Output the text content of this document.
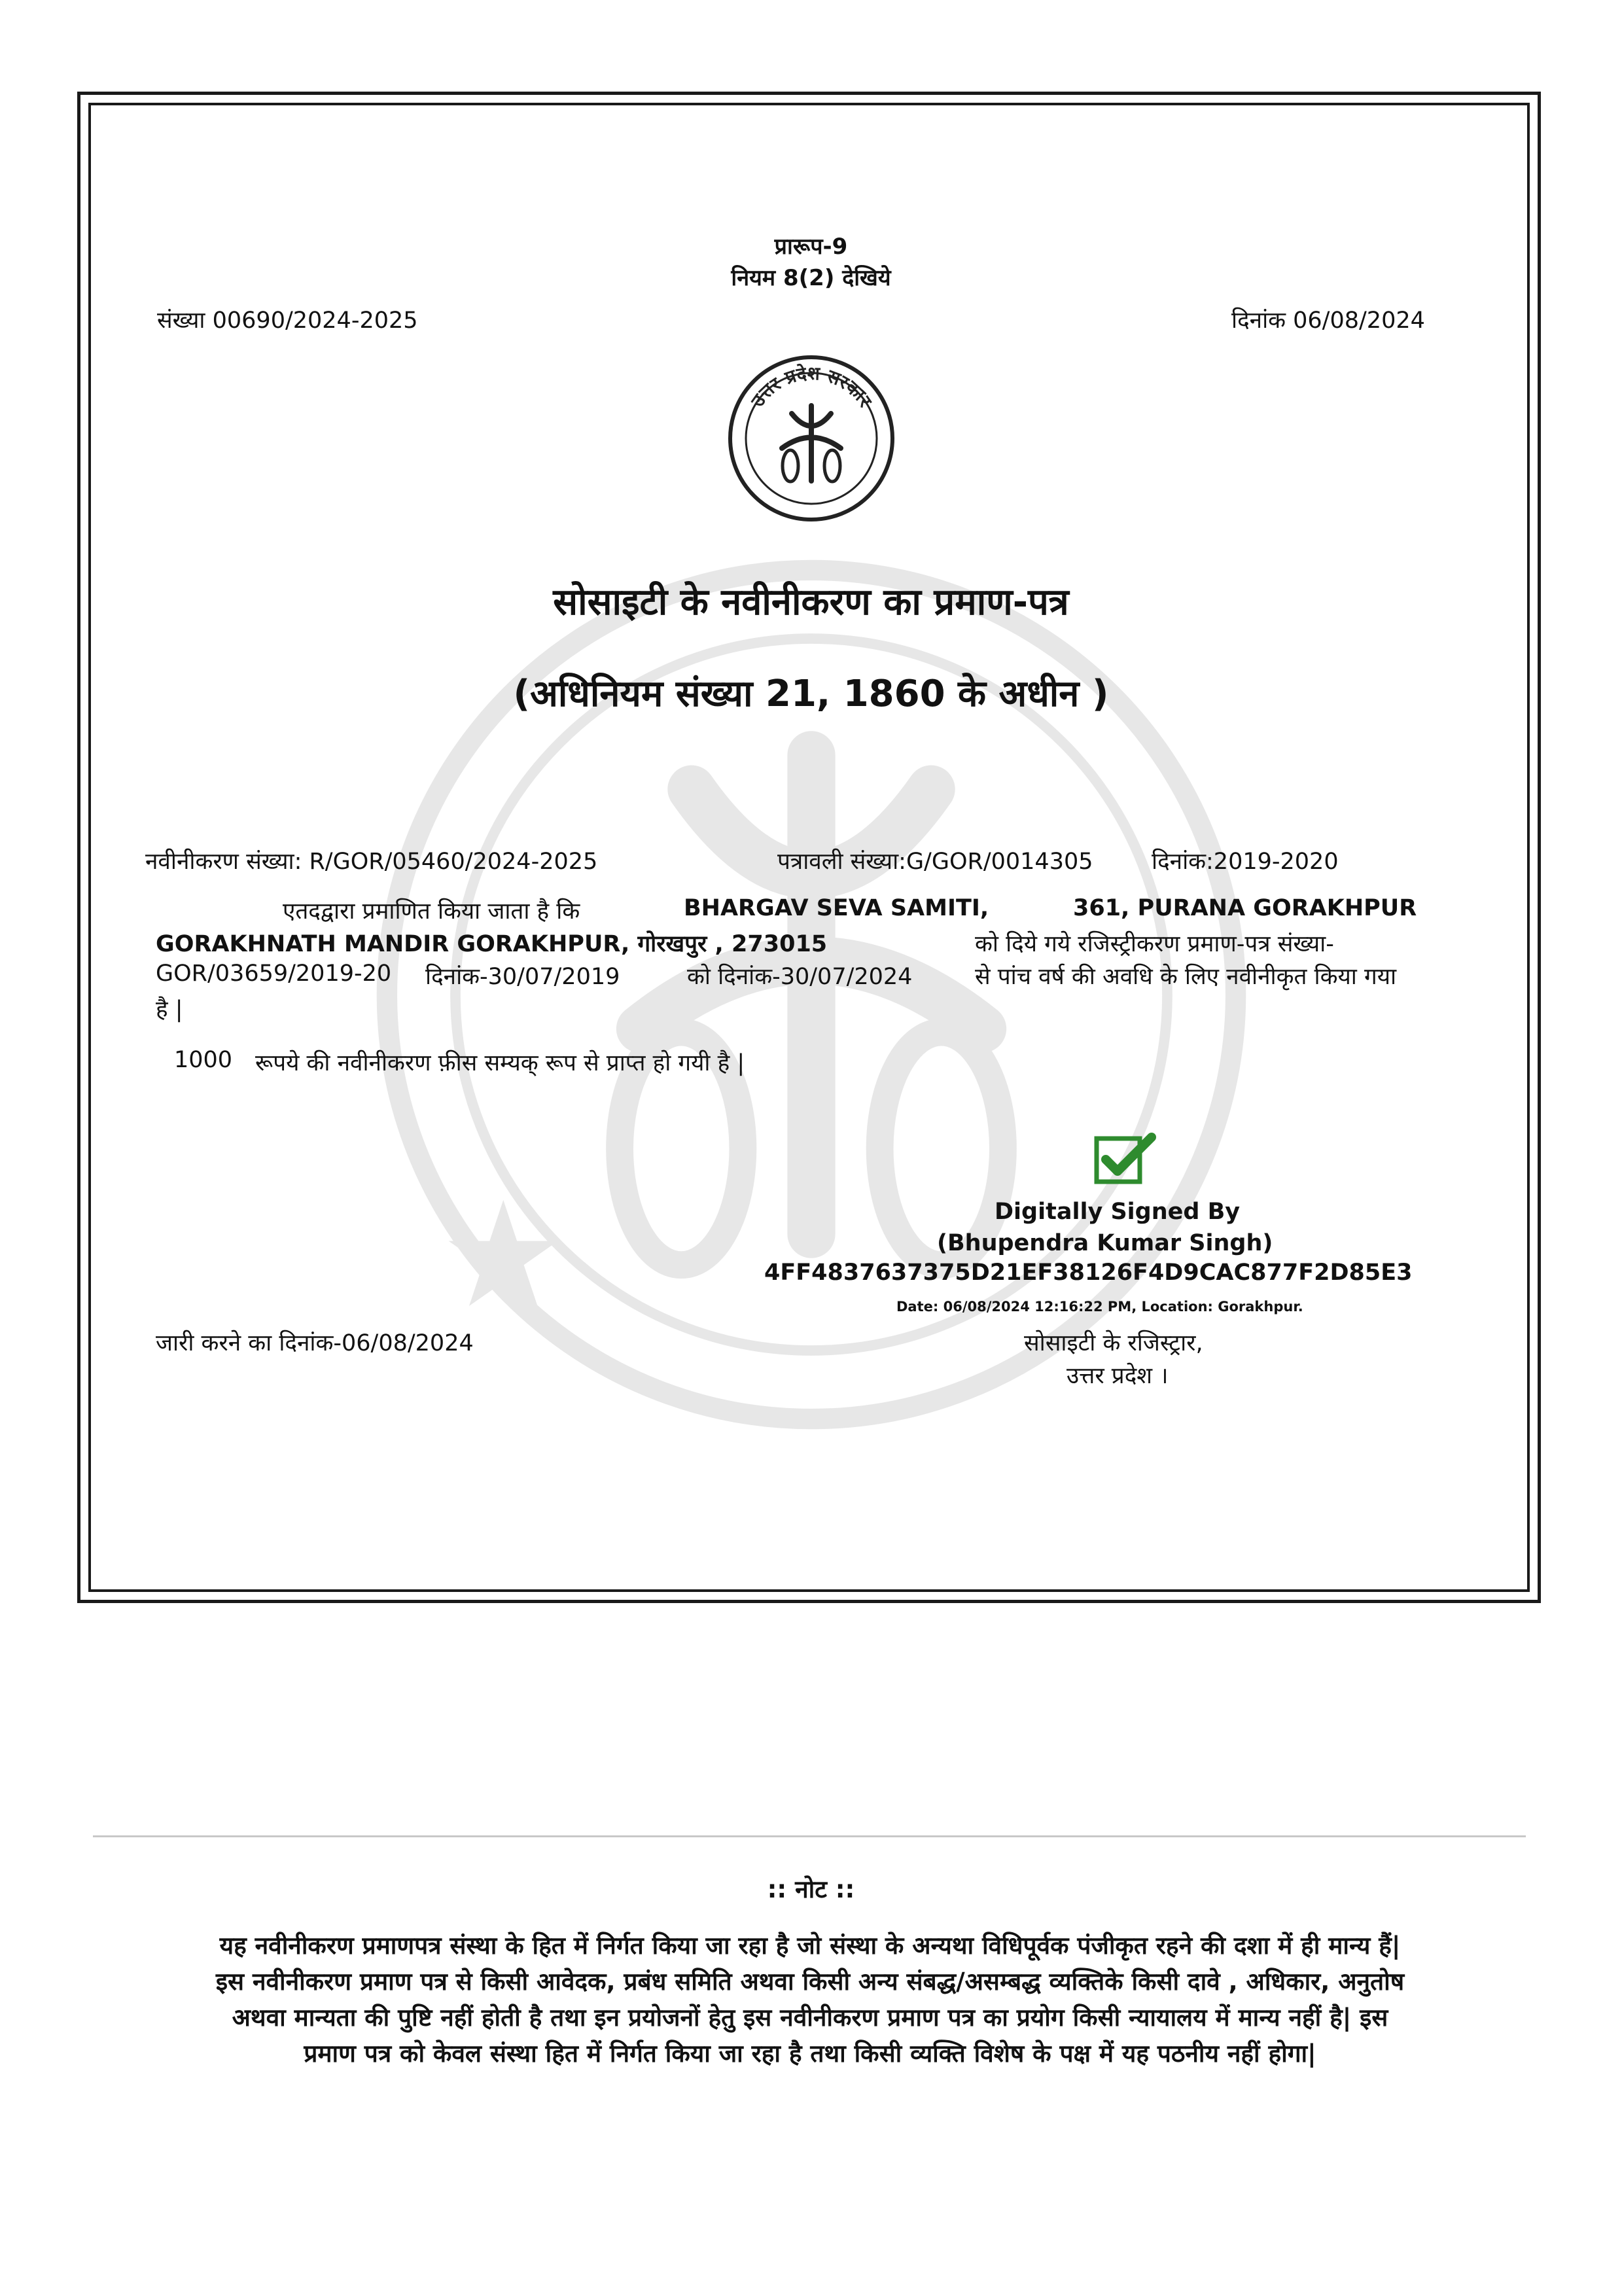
प्रारूप-9
नियम 8(2) देखिये
संख्या 00690/2024-2025	दिनांक 06/08/2024
उत्तर प्रदेश सरकार
सोसाइटी के नवीनीकरण का प्रमाण-पत्र
(अधिनियम संख्या 21, 1860 के अधीन )
नवीनीकरण संख्या: R/GOR/05460/2024-2025	पत्रावली संख्या:G/GOR/0014305	दिनांक:2019-2020
एतदद्वारा प्रमाणित किया जाता है कि	BHARGAV SEVA SAMITI,	361, PURANA GORAKHPUR
GORAKHNATH MANDIR GORAKHPUR, गोरखपुर , 273015	को दिये गये रजिस्ट्रीकरण प्रमाण-पत्र संख्या-
GOR/03659/2019-20 दिनांक-30/07/2019	को दिनांक-30/07/2024	से पांच वर्ष की अवधि के लिए नवीनीकृत किया गया
है |
1000 रूपये की नवीनीकरण फ़ीस सम्यक् रूप से प्राप्त हो गयी है |
Digitally Signed By
(Bhupendra Kumar Singh)
4FF4837637375D21EF38126F4D9CAC877F2D85E3
Date: 06/08/2024 12:16:22 PM, Location: Gorakhpur.
जारी करने का दिनांक-06/08/2024	सोसाइटी के रजिस्ट्रार,
उत्तर प्रदेश ।
:: नोट ::
यह नवीनीकरण प्रमाणपत्र संस्था के हित में निर्गत किया जा रहा है जो संस्था के अन्यथा विधिपूर्वक पंजीकृत रहने की दशा में ही मान्य हैं|
इस नवीनीकरण प्रमाण पत्र से किसी आवेदक, प्रबंध समिति अथवा किसी अन्य संबद्ध/असम्बद्ध व्यक्तिके किसी दावे , अधिकार, अनुतोष
अथवा मान्यता की पुष्टि नहीं होती है तथा इन प्रयोजनों हेतु इस नवीनीकरण प्रमाण पत्र का प्रयोग किसी न्यायालय में मान्य नहीं है| इस
प्रमाण पत्र को केवल संस्था हित में निर्गत किया जा रहा है तथा किसी व्यक्ति विशेष के पक्ष में यह पठनीय नहीं होगा|
